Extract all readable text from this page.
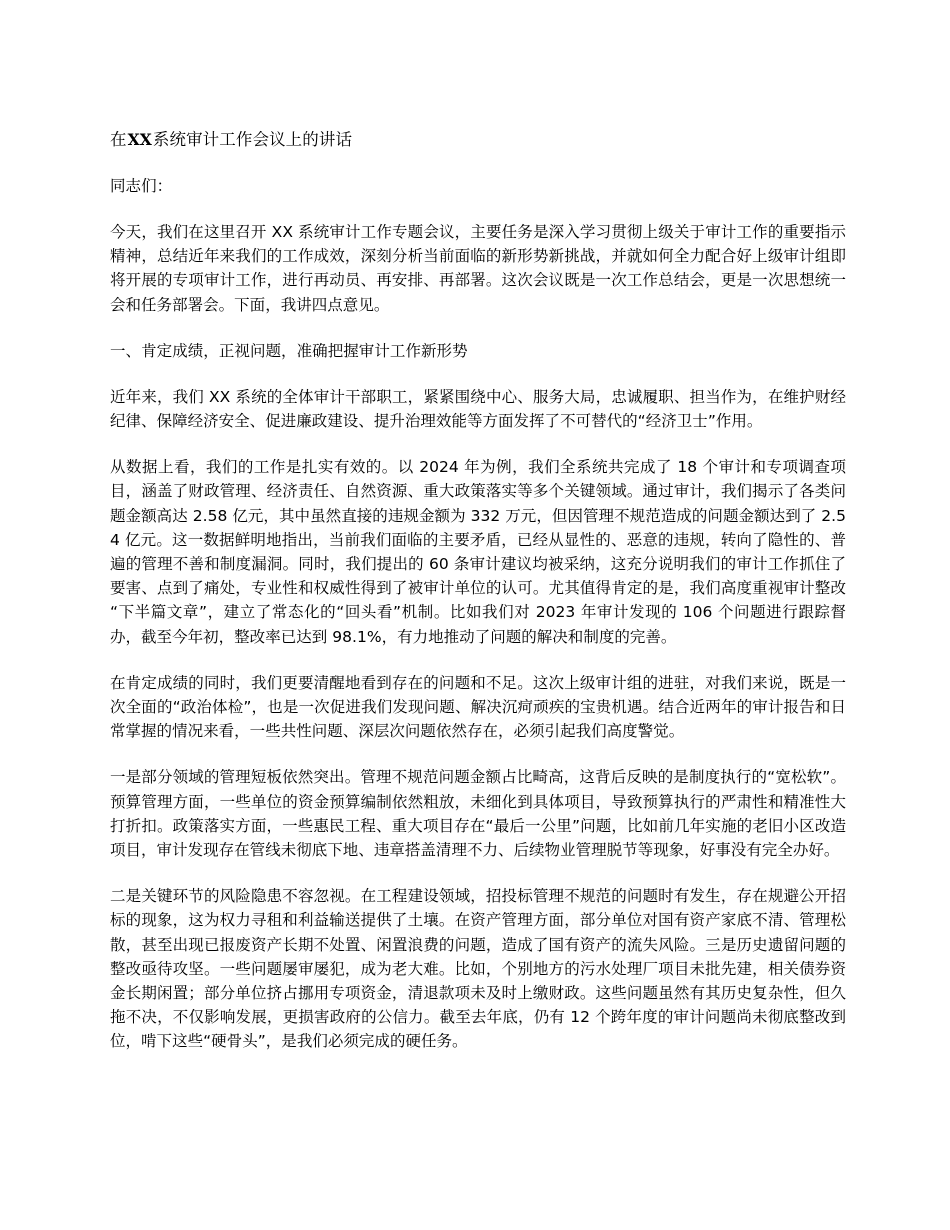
在XX系统审计工作会议上的讲话

同志们：

今天，我们在这里召开 XX 系统审计工作专题会议，主要任务是深入学习贯彻上级关于审计工作的重要指示精神，总结近年来我们的工作成效，深刻分析当前面临的新形势新挑战，并就如何全力配合好上级审计组即将开展的专项审计工作，进行再动员、再安排、再部署。这次会议既是一次工作总结会，更是一次思想统一会和任务部署会。下面，我讲四点意见。

一、肯定成绩，正视问题，准确把握审计工作新形势

近年来，我们 XX 系统的全体审计干部职工，紧紧围绕中心、服务大局，忠诚履职、担当作为，在维护财经纪律、保障经济安全、促进廉政建设、提升治理效能等方面发挥了不可替代的“经济卫士”作用。

从数据上看，我们的工作是扎实有效的。以 2024 年为例，我们全系统共完成了 18 个审计和专项调查项目，涵盖了财政管理、经济责任、自然资源、重大政策落实等多个关键领域。通过审计，我们揭示了各类问题金额高达 2.58 亿元，其中虽然直接的违规金额为 332 万元，但因管理不规范造成的问题金额达到了 2.54 亿元。这一数据鲜明地指出，当前我们面临的主要矛盾，已经从显性的、恶意的违规，转向了隐性的、普遍的管理不善和制度漏洞。同时，我们提出的 60 条审计建议均被采纳，这充分说明我们的审计工作抓住了要害、点到了痛处，专业性和权威性得到了被审计单位的认可。尤其值得肯定的是，我们高度重视审计整改“下半篇文章”，建立了常态化的“回头看”机制。比如我们对 2023 年审计发现的 106 个问题进行跟踪督办，截至今年初，整改率已达到 98.1%，有力地推动了问题的解决和制度的完善。

在肯定成绩的同时，我们更要清醒地看到存在的问题和不足。这次上级审计组的进驻，对我们来说，既是一次全面的“政治体检”，也是一次促进我们发现问题、解决沉疴顽疾的宝贵机遇。结合近两年的审计报告和日常掌握的情况来看，一些共性问题、深层次问题依然存在，必须引起我们高度警觉。

一是部分领域的管理短板依然突出。管理不规范问题金额占比畸高，这背后反映的是制度执行的“宽松软”。预算管理方面，一些单位的资金预算编制依然粗放，未细化到具体项目，导致预算执行的严肃性和精准性大打折扣。政策落实方面，一些惠民工程、重大项目存在“最后一公里”问题，比如前几年实施的老旧小区改造项目，审计发现存在管线未彻底下地、违章搭盖清理不力、后续物业管理脱节等现象，好事没有完全办好。

二是关键环节的风险隐患不容忽视。在工程建设领域，招投标管理不规范的问题时有发生，存在规避公开招标的现象，这为权力寻租和利益输送提供了土壤。在资产管理方面，部分单位对国有资产家底不清、管理松散，甚至出现已报废资产长期不处置、闲置浪费的问题，造成了国有资产的流失风险。三是历史遗留问题的整改亟待攻坚。一些问题屡审屡犯，成为老大难。比如，个别地方的污水处理厂项目未批先建，相关债券资金长期闲置；部分单位挤占挪用专项资金，清退款项未及时上缴财政。这些问题虽然有其历史复杂性，但久拖不决，不仅影响发展，更损害政府的公信力。截至去年底，仍有 12 个跨年度的审计问题尚未彻底整改到位，啃下这些“硬骨头”，是我们必须完成的硬任务。
